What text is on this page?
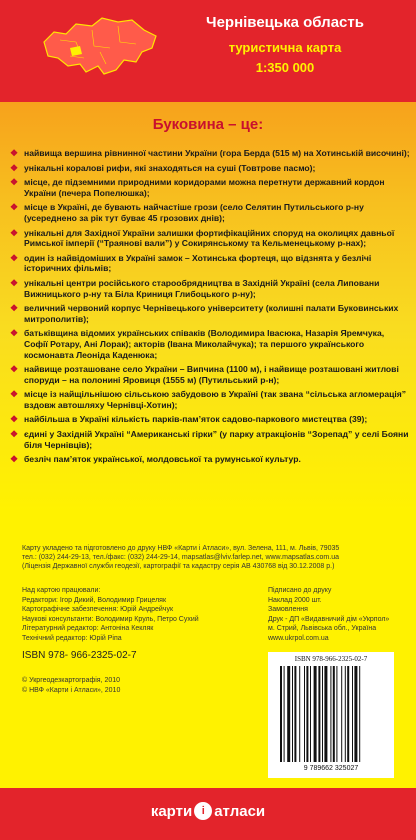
Чернівецька область
туристична карта
1:350 000
Буковина – це:
❖ найвища вершина рівнинної частини України (гора Берда (515 м) на Хотинській височині);
❖ унікальні коралові рифи, які знаходяться на суші (Товтрове пасмо);
❖ місце, де підземними природними коридорами можна перетнути державний кордон України (печера Попелюшка);
❖ місце в Україні, де бувають найчастіше грози (село Селятин Путильського р-ну (усереднено за рік тут буває 45 грозових днів);
❖ унікальні для Західної України залишки фортифікаційних споруд на околицях давньої Римської імперії (“Траянові вали”) у Сокирянському та Кельменецькому р-нах);
❖ один із найвідоміших в Україні замок – Хотинська фортеця, що відзнята у безлічі історичних фільмів;
❖ унікальні центри російського старообрядництва в Західній Україні (села Липовани Вижницького р-ну та Біла Криниця Глибоцького р-ну);
❖ величний червоний корпус Чернівецького університету (колишні палати Буковинських митрополитів);
❖ батьківщина відомих українських співаків (Володимира Івасюка, Назарія Яремчука, Софії Ротару, Ані Лорак); акторів (Івана Миколайчука); та першого українського космонавта Леоніда Каденюка;
❖ найвище розташоване село України – Випчина (1100 м), і найвище розташовані житлові споруди – на полонині Яровиця (1555 м) (Путильський р-н);
❖ місце із найщільнішою сільською забудовою в Україні (так звана “сільська агломерація” вздовж автошляху Чернівці-Хотин);
❖ найбільша в Україні кількість парків-пам’яток садово-паркового мистецтва (39);
❖ єдині у Західній Україні “Американські гірки” (у парку атракціонів “Зорепад” у селі Бояни біля Чернівців);
❖ безліч пам’яток української, молдовської та румунської культур.
Карту укладено та підготовлено до друку НВФ «Карти і Атласи», вул. Зелена, 111, м. Львів, 79035
тел.: (032) 244-29-13, тел./факс: (032) 244-29-14, mapsatlas@lviv.farlep.net, www.mapsatlas.com.ua
(Ліцензія Державної служби геодезії, картографії та кадастру серія АВ 430768 від 30.12.2008 р.)
Над картою працювали:
Редактори: Ігор Дикий, Володимир Грицеляк
Картографічне забезпечення: Юрій Андрейчук
Наукові консультанти: Володимир Круль, Петро Сухий
Літературний редактор: Антоніна Кекляк
Технічний редактор: Юрій Ріпа
Підписано до друку
Наклад 2000 шт.
Замовлення
Друк - ДП «Видавничий дім «Укрпол»
м. Стрий, Львівська обл., Україна
www.ukrpol.com.ua
ISBN 978- 966-2325-02-7
© Укргеодезкартографія, 2010
© НВФ «Карти і Атласи», 2010
ISBN 978-966-2325-02-7
9 789662 325027
карти і атласи
